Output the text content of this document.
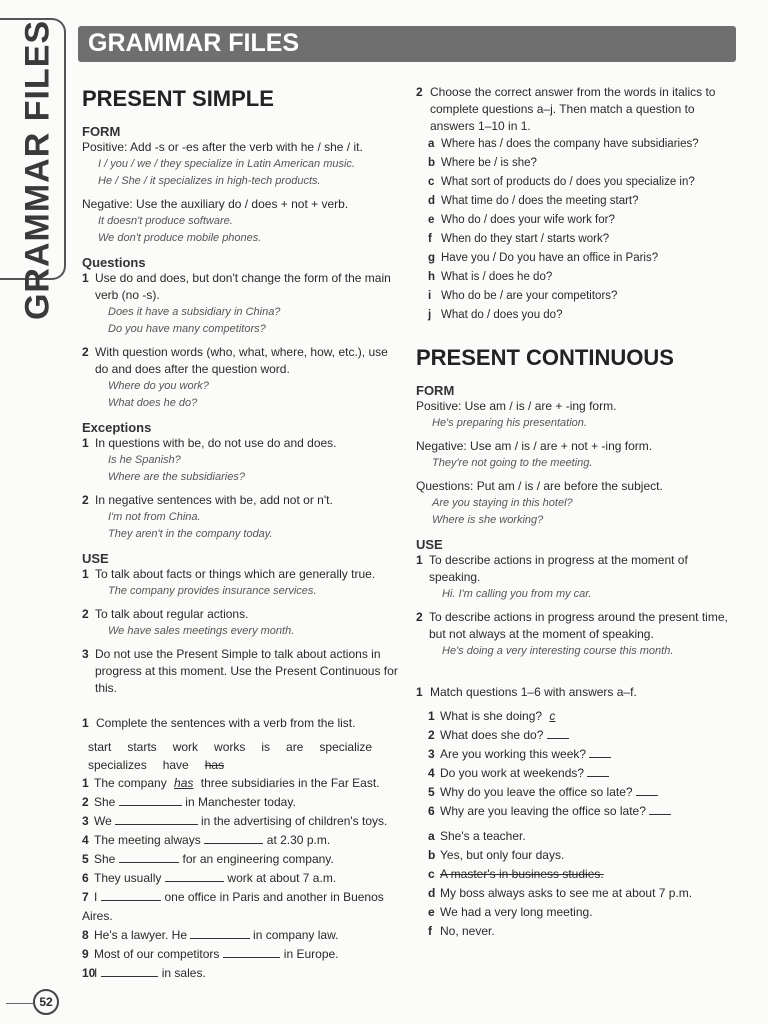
GRAMMAR FILES GRAMMAR FILES
PRESENT SIMPLE
FORM
Positive: Add -s or -es after the verb with he / she / it.
I / you / we / they specialize in Latin American music.
He / She / it specializes in high-tech products.
Negative: Use the auxiliary do / does + not + verb.
It doesn't produce software.
We don't produce mobile phones.
Questions
1 Use do and does, but don't change the form of the main verb (no -s).
Does it have a subsidiary in China?
Do you have many competitors?
2 With question words (who, what, where, how, etc.), use do and does after the question word.
Where do you work?
What does he do?
Exceptions
1 In questions with be, do not use do and does.
Is he Spanish?
Where are the subsidiaries?
2 In negative sentences with be, add not or n't.
I'm not from China.
They aren't in the company today.
USE
1 To talk about facts or things which are generally true.
The company provides insurance services.
2 To talk about regular actions.
We have sales meetings every month.
3 Do not use the Present Simple to talk about actions in progress at this moment. Use the Present Continuous for this.
1 Complete the sentences with a verb from the list.
start starts work works is are specializespecializes have has
1 The company has three subsidiaries in the Far East.
2 She	in Manchester today.
3 We	in the advertising of children's toys.
4 The meeting always	at 2.30 p.m.
5 She	for an engineering company.
6 They usually	work at about 7 a.m.
7 I	one office in Paris and another in Buenos Aires.
8 He's a lawyer. He	in company law.
9 Most of our competitors	in Europe.
10I	in sales.
2 Choose the correct answer from the words in italics to complete questions a–j. Then match a question to answers 1–10 in 1.
a Where has / does the company have subsidiaries?
b Where be / is she?
c What sort of products do / does you specialize in?
d What time do / does the meeting start?
e Who do / does your wife work for?
f When do they start / starts work?
g Have you / Do you have an office in Paris?
h What is / does he do?
i Who do be / are your competitors?
j What do / does you do?
PRESENT CONTINUOUS
FORM
Positive: Use am / is / are + -ing form.
He's preparing his presentation.
Negative: Use am / is / are + not + -ing form.
They're not going to the meeting.
Questions: Put am / is / are before the subject.
Are you staying in this hotel?
Where is she working?
USE
1 To describe actions in progress at the moment of speaking.
Hi. I'm calling you from my car.
2 To describe actions in progress around the present time, but not always at the moment of speaking.
He's doing a very interesting course this month.
1 Match questions 1–6 with answers a–f.
1 What is she doing? c
2 What does she do?
3 Are you working this week?
4 Do you work at weekends?
5 Why do you leave the office so late?
6 Why are you leaving the office so late?
a She's a teacher.
b Yes, but only four days.
c A master's in business studies.
d My boss always asks to see me at about 7 p.m.
e We had a very long meeting.
f No, never.
52
